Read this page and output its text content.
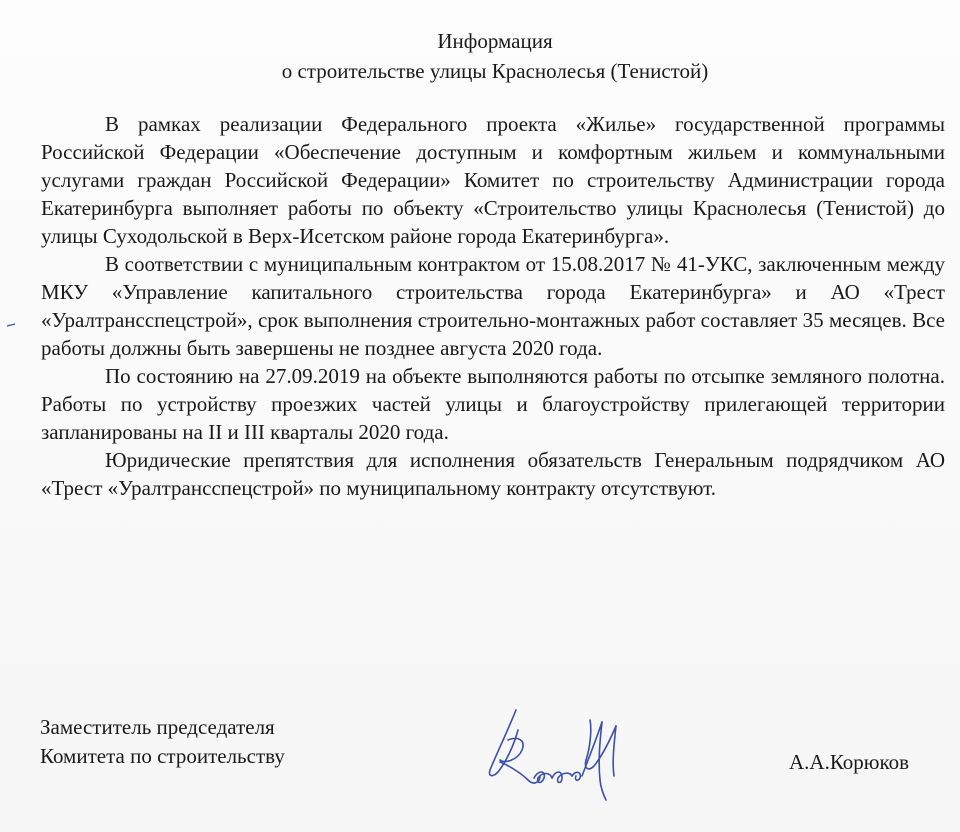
Информация
о строительстве улицы Краснолесья (Тенистой)

В рамках реализации Федерального проекта «Жилье» государственной программы Российской Федерации «Обеспечение доступным и комфортным жильем и коммунальными услугами граждан Российской Федерации» Комитет по строительству Администрации города Екатеринбурга выполняет работы по объекту «Строительство улицы Краснолесья (Тенистой) до улицы Суходольской в Верх-Исетском районе города Екатеринбурга».

В соответствии с муниципальным контрактом от 15.08.2017 № 41-УКС, заключенным между МКУ «Управление капитального строительства города Екатеринбурга» и АО «Трест «Уралтрансспецстрой», срок выполнения строительно-монтажных работ составляет 35 месяцев. Все работы должны быть завершены не позднее августа 2020 года.

По состоянию на 27.09.2019 на объекте выполняются работы по отсыпке земляного полотна. Работы по устройству проезжих частей улицы и благоустройству прилегающей территории запланированы на II и III кварталы 2020 года.

Юридические препятствия для исполнения обязательств Генеральным подрядчиком АО «Трест «Уралтрансспецстрой» по муниципальному контракту отсутствуют.

Заместитель председателя
Комитета по строительству	А.А.Корюков
